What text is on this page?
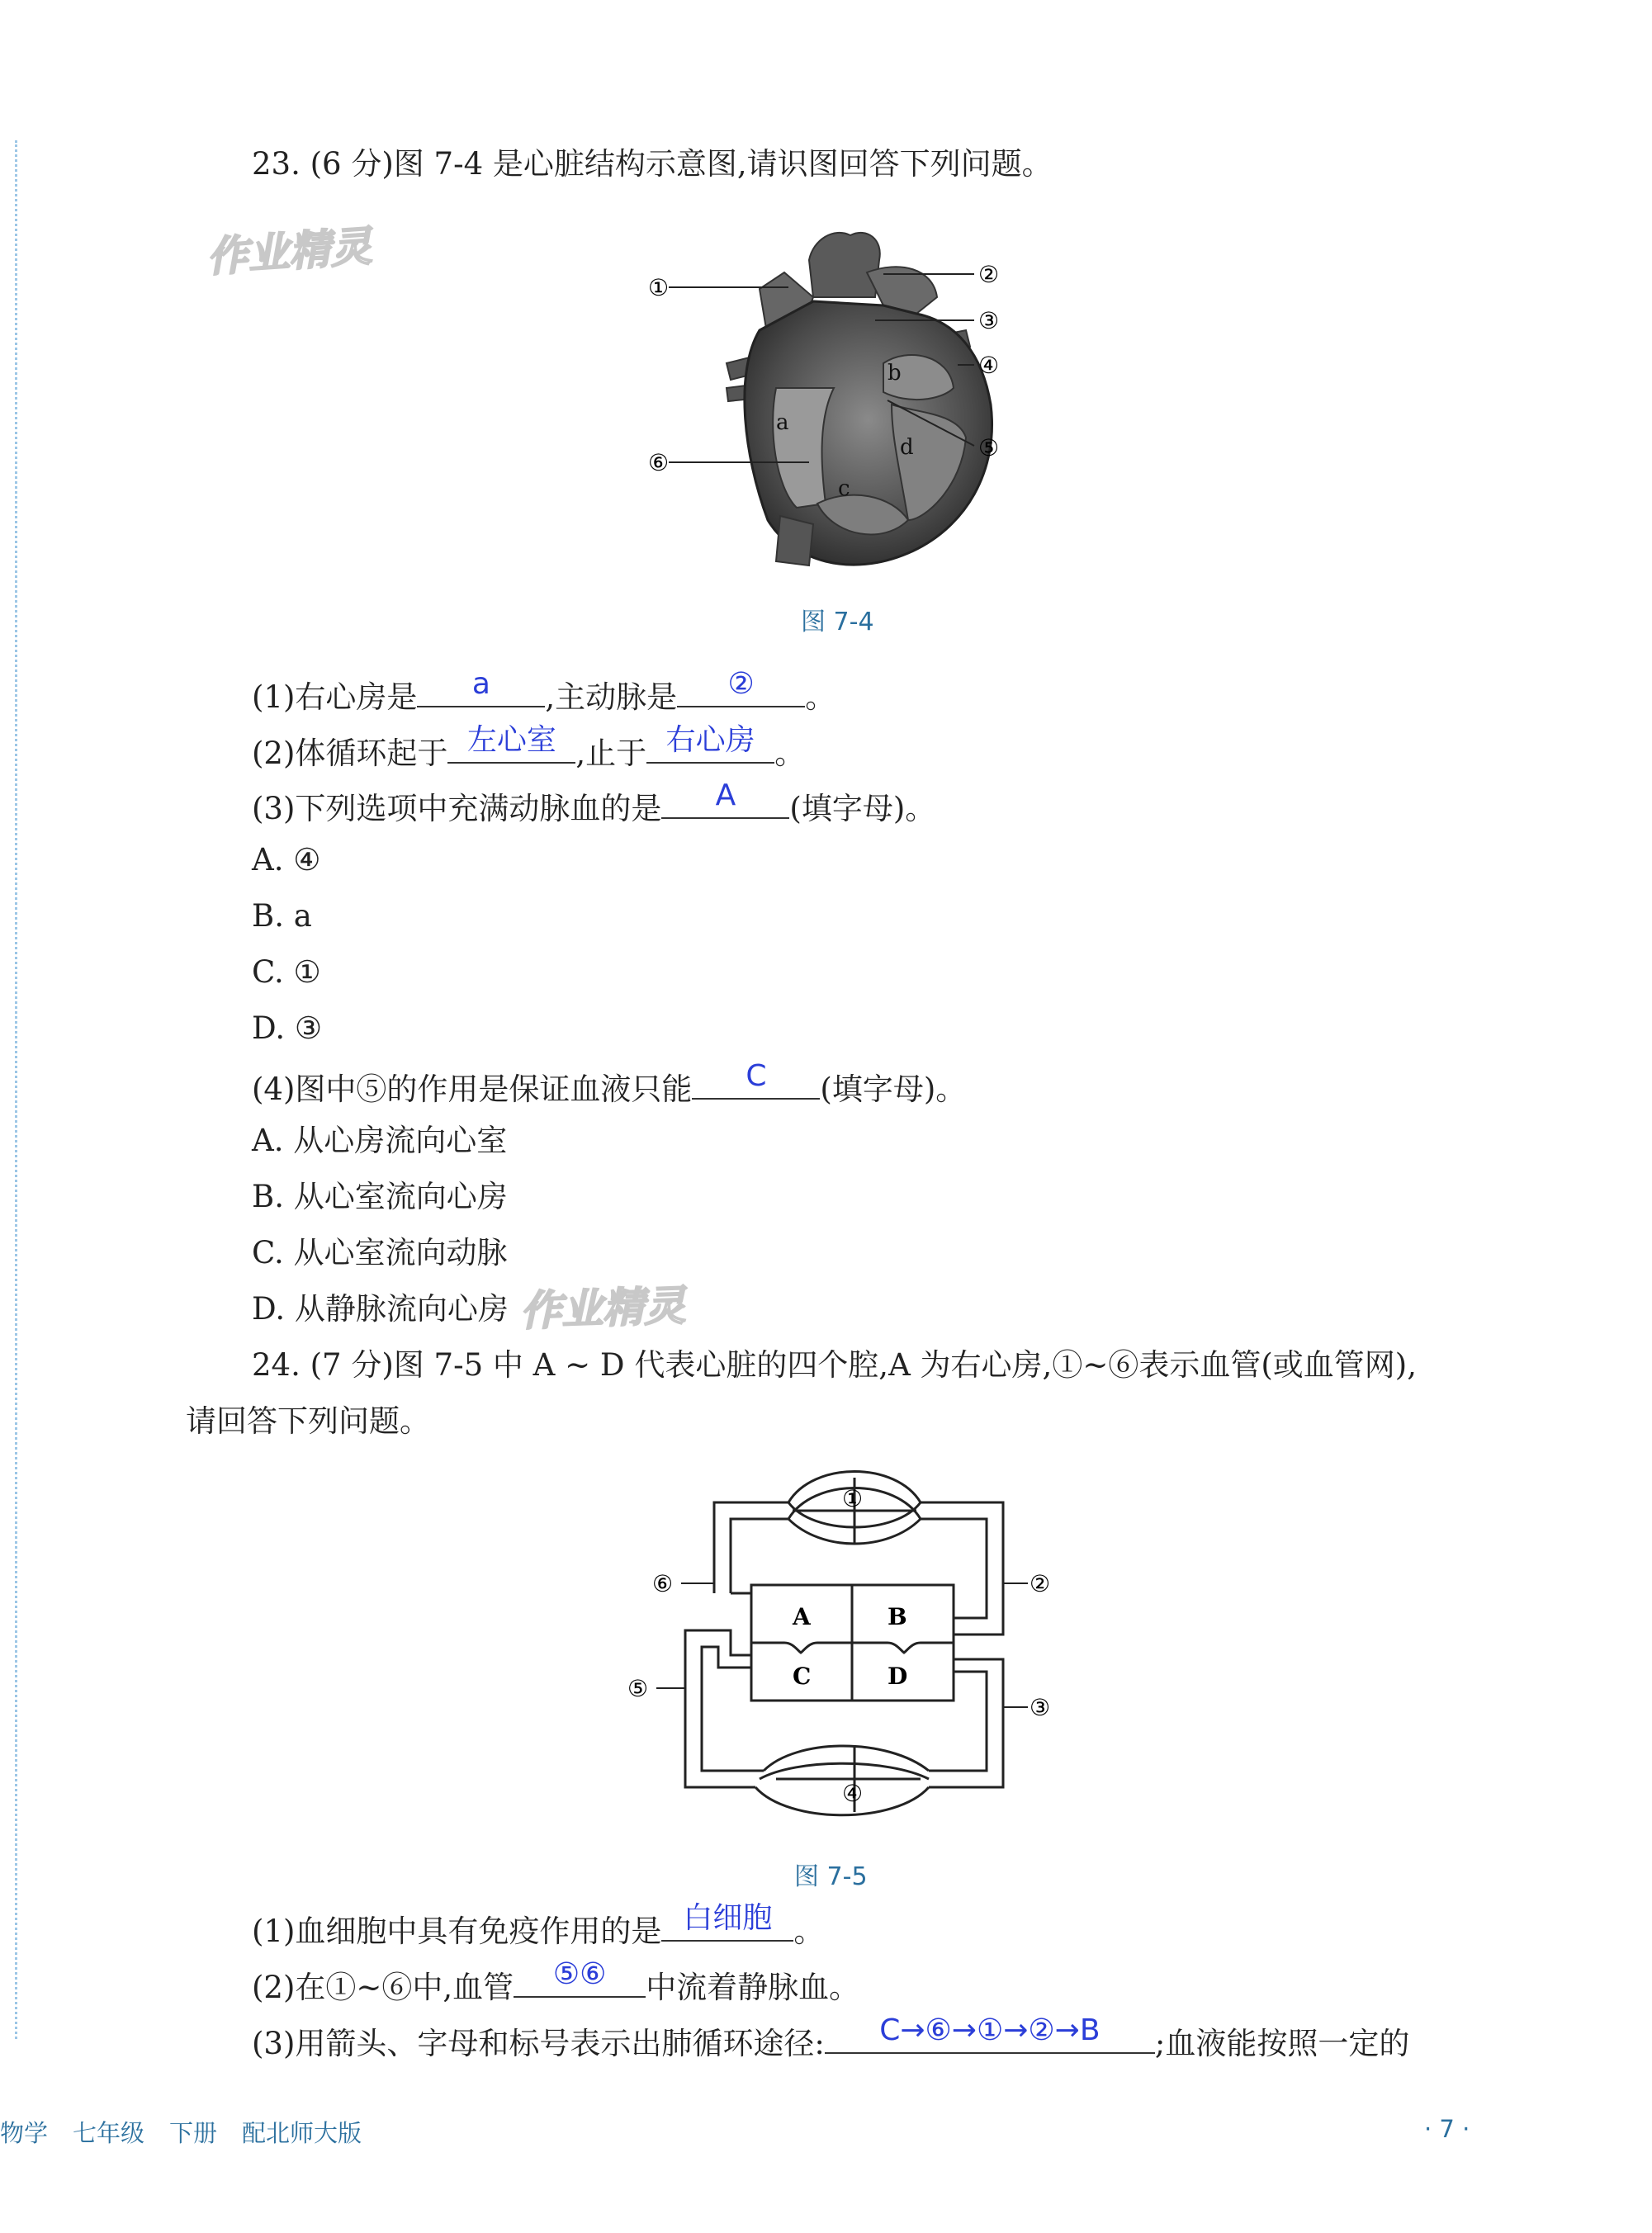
作业精灵
作业精灵
23. (6 分)图 7-4 是心脏结构示意图,请识图回答下列问题。
①	②
③
④
⑤
⑥
a
b
c
d
图 7-4
(1)右心房是	a	,主动脉是	②	。
(2)体循环起于 左心室 ,止于 右心房 。
(3)下列选项中充满动脉血的是	A	(填字母)。
A. ④
B. a
C. ①
D. ③
(4)图中⑤的作用是保证血液只能	C	(填字母)。
A. 从心房流向心室
B. 从心室流向心房
C. 从心室流向动脉
D. 从静脉流向心房
24. (7 分)图 7-5 中 A ~ D 代表心脏的四个腔,A 为右心房,①~⑥表示血管(或血管网),
请回答下列问题。
①
②
③
④
⑤
⑥
A	B
C	D
图 7-5
(1)血细胞中具有免疫作用的是 白细胞 。
(2)在①~⑥中,血管	⑤⑥	中流着静脉血。
(3)用箭头、字母和标号表示出肺循环途径:	C→⑥→①→②→B	;血液能按照一定的
物学 七年级 下册 配北师大版	· 7 ·
